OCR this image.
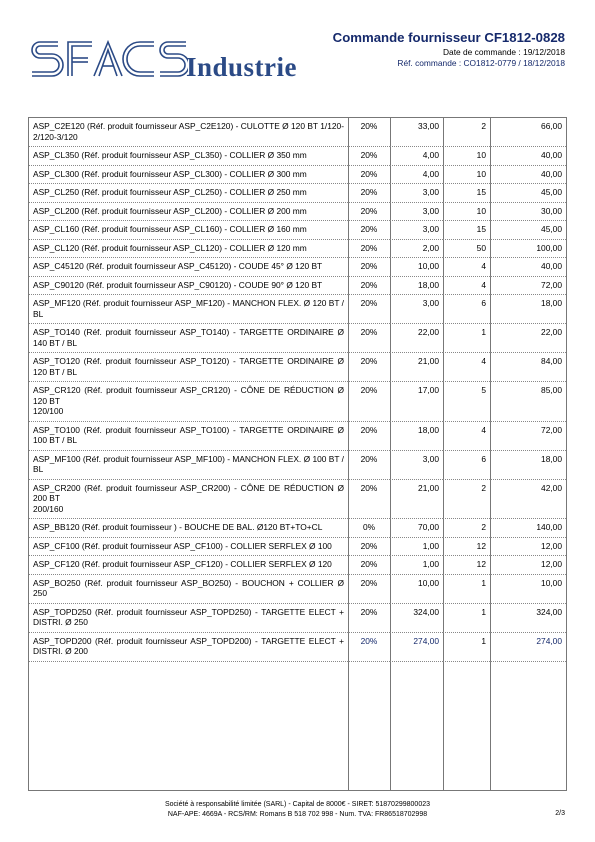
Industrie
Commande fournisseur CF1812-0828
Date de commande : 19/12/2018
Réf. commande : CO1812-0779 / 18/12/2018
ASP_C2E120 (Réf. produit fournisseur ASP_C2E120) - CULOTTE Ø 120 BT 1/120-2/120-3/120	20%	33,00	2	66,00
ASP_CL350 (Réf. produit fournisseur ASP_CL350) - COLLIER Ø 350 mm	20%	4,00	10	40,00
ASP_CL300 (Réf. produit fournisseur ASP_CL300) - COLLIER Ø 300 mm	20%	4,00	10	40,00
ASP_CL250 (Réf. produit fournisseur ASP_CL250) - COLLIER Ø 250 mm	20%	3,00	15	45,00
ASP_CL200 (Réf. produit fournisseur ASP_CL200) - COLLIER Ø 200 mm	20%	3,00	10	30,00
ASP_CL160 (Réf. produit fournisseur ASP_CL160) - COLLIER Ø 160 mm	20%	3,00	15	45,00
ASP_CL120 (Réf. produit fournisseur ASP_CL120) - COLLIER Ø 120 mm	20%	2,00	50	100,00
ASP_C45120 (Réf. produit fournisseur ASP_C45120) - COUDE 45° Ø 120 BT	20%	10,00	4	40,00
ASP_C90120 (Réf. produit fournisseur ASP_C90120) - COUDE 90° Ø 120 BT	20%	18,00	4	72,00
ASP_MF120 (Réf. produit fournisseur ASP_MF120) - MANCHON FLEX. Ø 120 BT / BL	20%	3,00	6	18,00
ASP_TO140 (Réf. produit fournisseur ASP_TO140) - TARGETTE ORDINAIRE Ø 140 BT / BL	20%	22,00	1	22,00
ASP_TO120 (Réf. produit fournisseur ASP_TO120) - TARGETTE ORDINAIRE Ø 120 BT / BL	20%	21,00	4	84,00
ASP_CR120 (Réf. produit fournisseur ASP_CR120) - CÔNE DE RÉDUCTION Ø 120 BT
120/100	20%	17,00	5	85,00
ASP_TO100 (Réf. produit fournisseur ASP_TO100) - TARGETTE ORDINAIRE Ø 100 BT / BL	20%	18,00	4	72,00
ASP_MF100 (Réf. produit fournisseur ASP_MF100) - MANCHON FLEX. Ø 100 BT / BL	20%	3,00	6	18,00
ASP_CR200 (Réf. produit fournisseur ASP_CR200) - CÔNE DE RÉDUCTION Ø 200 BT
200/160	20%	21,00	2	42,00
ASP_BB120 (Réf. produit fournisseur ) - BOUCHE DE BAL. Ø120 BT+TO+CL	0%	70,00	2	140,00
ASP_CF100 (Réf. produit fournisseur ASP_CF100) - COLLIER SERFLEX Ø 100	20%	1,00	12	12,00
ASP_CF120 (Réf. produit fournisseur ASP_CF120) - COLLIER SERFLEX Ø 120	20%	1,00	12	12,00
ASP_BO250 (Réf. produit fournisseur ASP_BO250) - BOUCHON + COLLIER Ø 250	20%	10,00	1	10,00
ASP_TOPD250 (Réf. produit fournisseur ASP_TOPD250) - TARGETTE ELECT + DISTRI. Ø 250	20%	324,00	1	324,00
ASP_TOPD200 (Réf. produit fournisseur ASP_TOPD200) - TARGETTE ELECT + DISTRI. Ø 200	20%	274,00	1	274,00
Société à responsabilité limitée (SARL) - Capital de 8000€ - SIRET: 51870299800023
NAF-APE: 4669A - RCS/RM: Romans B 518 702 998 - Num. TVA: FR86518702998	2/3
